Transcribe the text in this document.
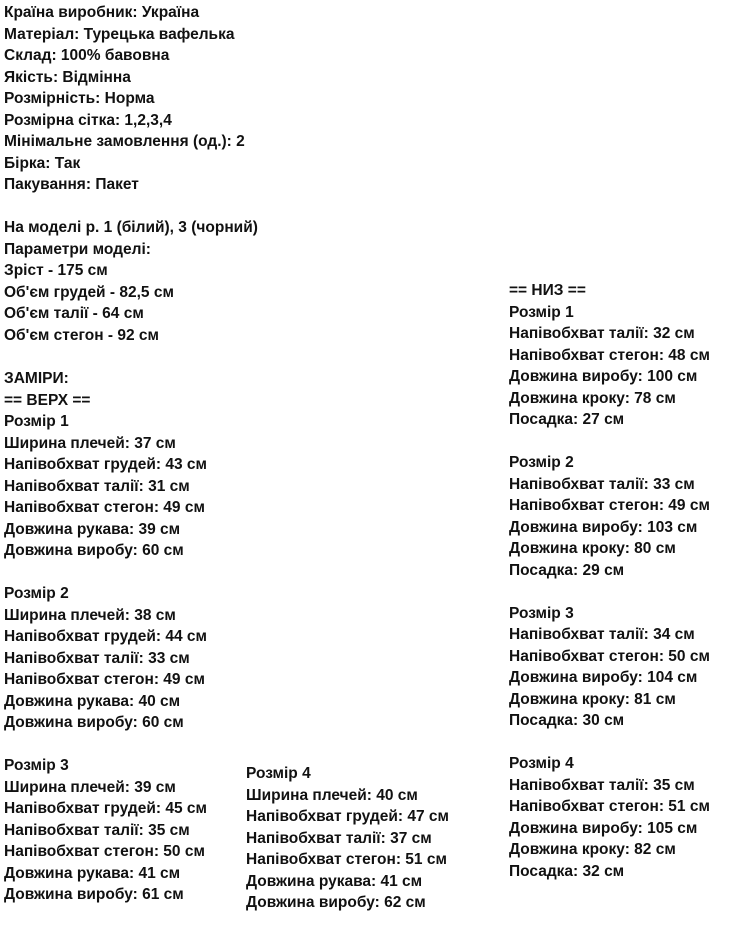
Країна виробник: Україна
Матеріал: Турецька вафелька
Склад: 100% бавовна
Якість: Відмінна
Розмірність: Норма
Розмірна сітка: 1,2,3,4
Мінімальне замовлення (од.): 2
Бірка: Так
Пакування: Пакет
На моделі р. 1 (білий), 3 (чорний)
Параметри моделі:
Зріст - 175 см
Об'єм грудей - 82,5 см
Об'єм талії - 64 см
Об'єм стегон - 92 см
ЗАМІРИ:
== ВЕРХ ==
Розмір 1
Ширина плечей: 37 см
Напівобхват грудей: 43 см
Напівобхват талії: 31 см
Напівобхват стегон: 49 см
Довжина рукава: 39 см
Довжина виробу: 60 см
Розмір 2
Ширина плечей: 38 см
Напівобхват грудей: 44 см
Напівобхват талії: 33 см
Напівобхват стегон: 49 см
Довжина рукава: 40 см
Довжина виробу: 60 см
Розмір 3
Ширина плечей: 39 см
Напівобхват грудей: 45 см
Напівобхват талії: 35 см
Напівобхват стегон: 50 см
Довжина рукава: 41 см
Довжина виробу: 61 см
Розмір 4
Ширина плечей: 40 см
Напівобхват грудей: 47 см
Напівобхват талії: 37 см
Напівобхват стегон: 51 см
Довжина рукава: 41 см
Довжина виробу: 62 см
== НИЗ ==
Розмір 1
Напівобхват талії: 32 см
Напівобхват стегон: 48 см
Довжина виробу: 100 см
Довжина кроку: 78 см
Посадка: 27 см
Розмір 2
Напівобхват талії: 33 см
Напівобхват стегон: 49 см
Довжина виробу: 103 см
Довжина кроку: 80 см
Посадка: 29 см
Розмір 3
Напівобхват талії: 34 см
Напівобхват стегон: 50 см
Довжина виробу: 104 см
Довжина кроку: 81 см
Посадка: 30 см
Розмір 4
Напівобхват талії: 35 см
Напівобхват стегон: 51 см
Довжина виробу: 105 см
Довжина кроку: 82 см
Посадка: 32 см
